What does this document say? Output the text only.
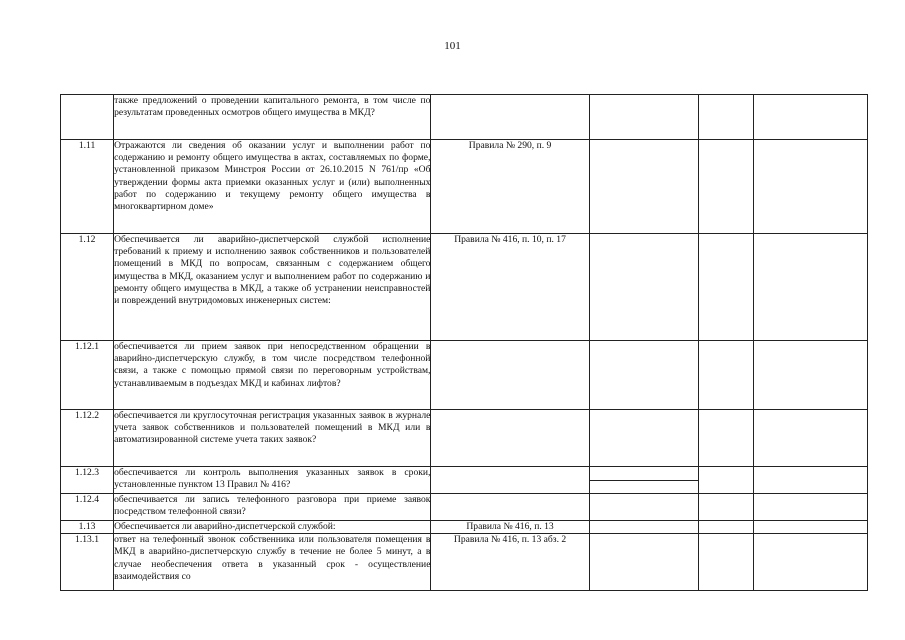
101
	также предложений о проведении капитального ремонта, в том числе по результатам проведенных осмотров общего имущества в МКД?				
1.11	Отражаются ли сведения об оказании услуг и выполнении работ по содержанию и ремонту общего имущества в актах, составляемых по форме, установленной приказом Минстроя России от 26.10.2015 N 761/пр «Об утверждении формы акта приемки оказанных услуг и (или) выполненных работ по содержанию и текущему ремонту общего имущества в многоквартирном доме»	Правила № 290, п. 9			
1.12	Обеспечивается ли аварийно-диспетчерской службой исполнение требований к приему и исполнению заявок собственников и пользователей помещений в МКД по вопросам, связанным с содержанием общего имущества в МКД, оказанием услуг и выполнением работ по содержанию и ремонту общего имущества в МКД, а также об устранении неисправностей и повреждений внутридомовых инженерных систем:	Правила № 416, п. 10, п. 17			
1.12.1	обеспечивается ли прием заявок при непосредственном обращении в аварийно-диспетчерскую службу, в том числе посредством телефонной связи, а также с помощью прямой связи по переговорным устройствам, устанавливаемым в подъездах МКД и кабинах лифтов?				
1.12.2	обеспечивается ли круглосуточная регистрация указанных заявок в журнале учета заявок собственников и пользователей помещений в МКД или в автоматизированной системе учета таких заявок?				
1.12.3	обеспечивается ли контроль выполнения указанных заявок в сроки, установленные пунктом 13 Правил № 416?		

1.12.4	обеспечивается ли запись телефонного разговора при приеме заявок посредством телефонной связи?				
1.13	Обеспечивается ли аварийно-диспетчерской службой:	Правила № 416, п. 13			
1.13.1	ответ на телефонный звонок собственника или пользователя помещения в МКД в аварийно-диспетчерскую службу в течение не более 5 минут, а в случае необеспечения ответа в указанный срок - осуществление взаимодействия со	Правила № 416, п. 13 абз. 2			
